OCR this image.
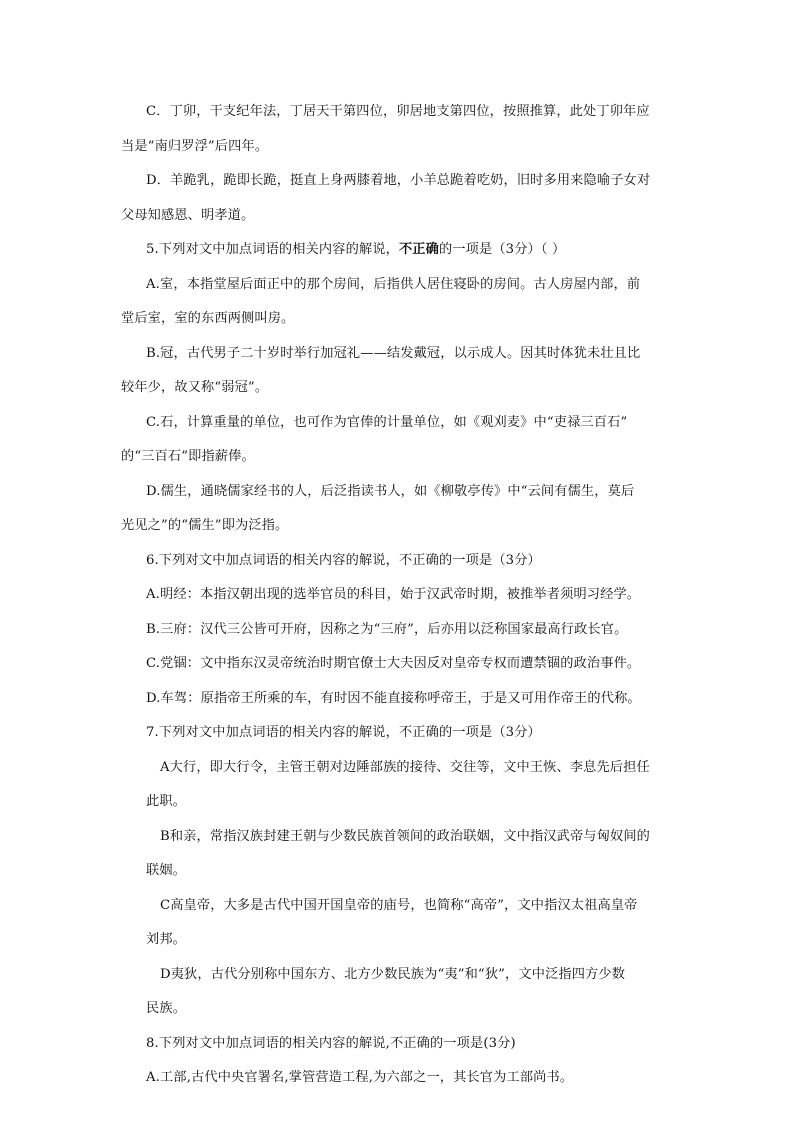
C．丁卯，干支纪年法，丁居天干第四位，卯居地支第四位，按照推算，此处丁卯年应
当是“南归罗浮”后四年。
D．羊跪乳，跪即长跪，挺直上身两膝着地，小羊总跪着吃奶，旧时多用来隐喻子女对
父母知感恩、明孝道。
5.下列对文中加点词语的相关内容的解说，不正确的一项是（3分）（ ）
A.室，本指堂屋后面正中的那个房间，后指供人居住寝卧的房间。古人房屋内部，前
堂后室，室的东西两侧叫房。
B.冠，古代男子二十岁时举行加冠礼——结发戴冠，以示成人。因其时体犹未壮且比
较年少，故又称“弱冠”。
C.石，计算重量的单位，也可作为官俸的计量单位，如《观刈麦》中“吏禄三百石”
的“三百石”即指薪俸。
D.儒生，通晓儒家经书的人，后泛指读书人，如《柳敬亭传》中“云间有儒生，莫后
光见之”的“儒生”即为泛指。
6.下列对文中加点词语的相关内容的解说，不正确的一项是（3分）
A.明经：本指汉朝出现的选举官员的科目，始于汉武帝时期，被推举者须明习经学。
B.三府：汉代三公皆可开府，因称之为“三府”，后亦用以泛称国家最高行政长官。
C.党锢：文中指东汉灵帝统治时期官僚士大夫因反对皇帝专权而遭禁锢的政治事件。
D.车驾：原指帝王所乘的车，有时因不能直接称呼帝王，于是又可用作帝王的代称。
7.下列对文中加点词语的相关内容的解说，不正确的一项是（3分）
A大行，即大行令，主管王朝对边陲部族的接待、交往等，文中王恢、李息先后担任
此职。
B和亲，常指汉族封建王朝与少数民族首领间的政治联姻，文中指汉武帝与匈奴间的
联姻。
C高皇帝，大多是古代中国开国皇帝的庙号，也简称“高帝”，文中指汉太祖高皇帝
刘邦。
D夷狄，古代分别称中国东方、北方少数民族为“夷”和“狄”，文中泛指四方少数
民族。
8.下列对文中加点词语的相关内容的解说,不正确的一项是(3分)
A.工部,古代中央官署名,掌管营造工程,为六部之一，其长官为工部尚书。
